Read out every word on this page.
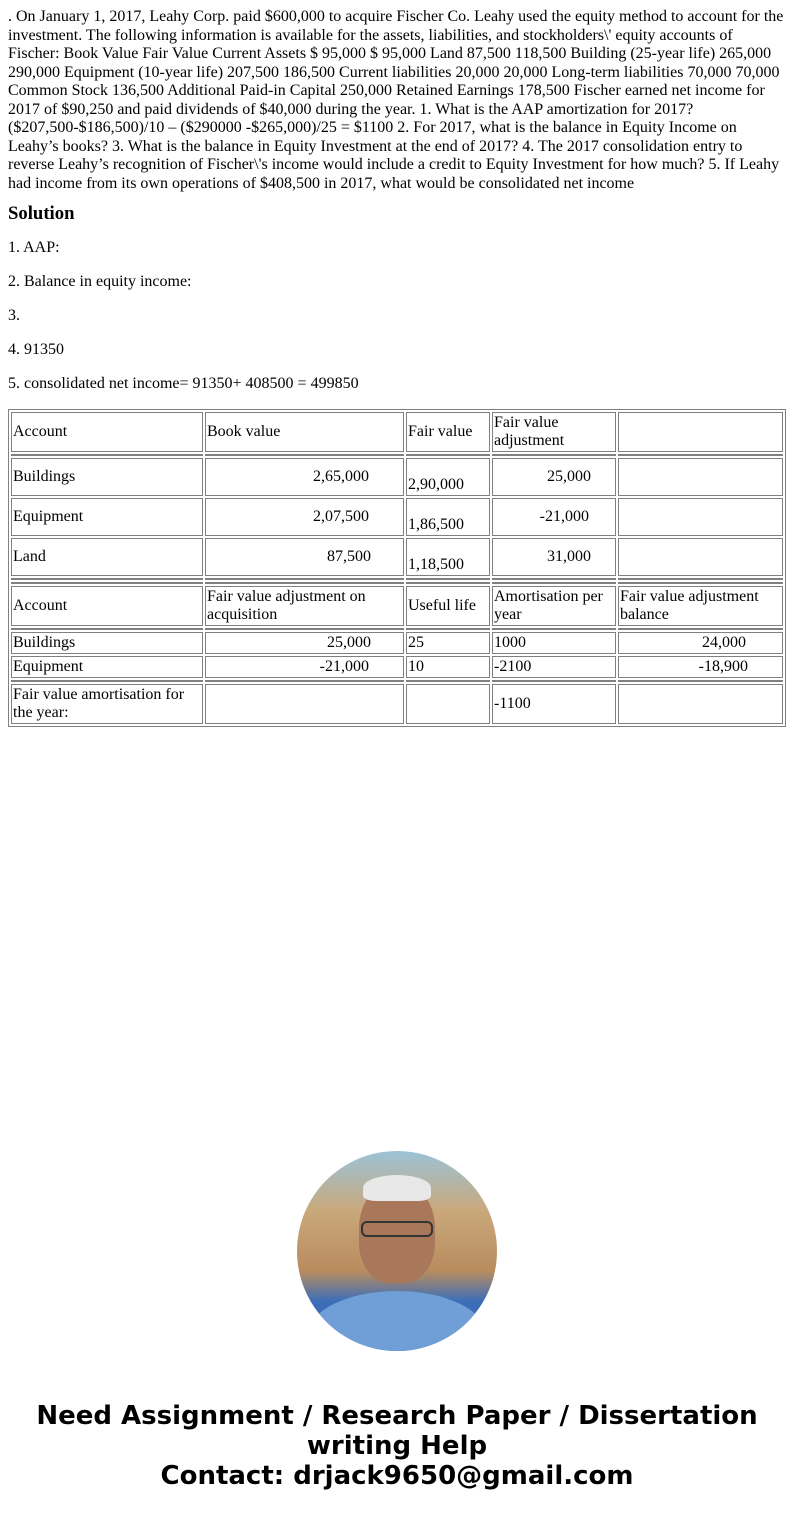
. On January 1, 2017, Leahy Corp. paid $600,000 to acquire Fischer Co. Leahy used the equity method to account for the investment. The following information is available for the assets, liabilities, and stockholders\' equity accounts of Fischer: Book Value Fair Value Current Assets $ 95,000 $ 95,000 Land 87,500 118,500 Building (25-year life) 265,000 290,000 Equipment (10-year life) 207,500 186,500 Current liabilities 20,000 20,000 Long-term liabilities 70,000 70,000 Common Stock 136,500 Additional Paid-in Capital 250,000 Retained Earnings 178,500 Fischer earned net income for 2017 of $90,250 and paid dividends of $40,000 during the year. 1. What is the AAP amortization for 2017? ($207,500-$186,500)/10 – ($290000 -$265,000)/25 = $1100 2. For 2017, what is the balance in Equity Income on Leahy’s books? 3. What is the balance in Equity Investment at the end of 2017? 4. The 2017 consolidation entry to reverse Leahy’s recognition of Fischer\'s income would include a credit to Equity Investment for how much? 5. If Leahy had income from its own operations of $408,500 in 2017, what would be consolidated net income

Solution

1. AAP:

2. Balance in equity income:

3.

4. 91350

5. consolidated net income= 91350+ 408500 = 499850

Account	Book value	Fair value	Fair value adjustment	

Buildings	2,65,000	2,90,000	25,000	
Equipment	2,07,500	1,86,500	-21,000	
Land	87,500	1,18,500	31,000	

Account	Fair value adjustment on acquisition	Useful life	Amortisation per year	Fair value adjustment balance

Buildings	25,000	25	1000	24,000
Equipment	-21,000	10	-2100	-18,900

Fair value amortisation for the year:			-1100	
Need Assignment / Research Paper / Dissertation writing Help
Contact: drjack9650@gmail.com
